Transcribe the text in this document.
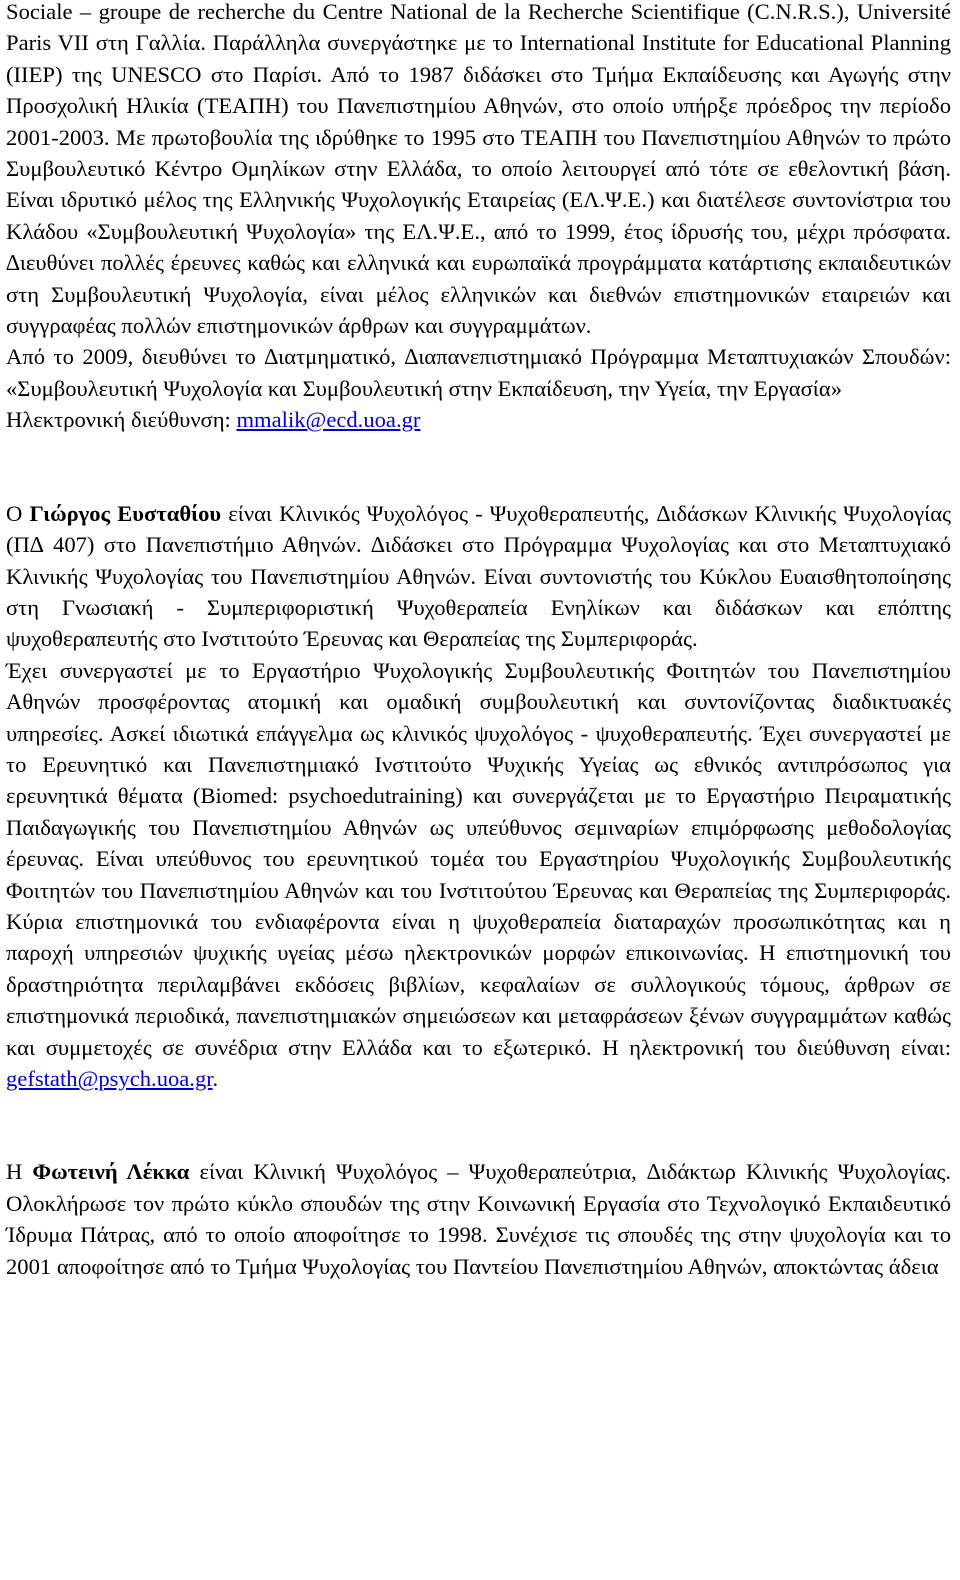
Sociale – groupe de recherche du Centre National de la Recherche Scientifique (C.N.R.S.), Université Paris VII στη Γαλλία. Παράλληλα συνεργάστηκε με το International Institute for Educational Planning (IIEP) της UNESCO στο Παρίσι. Από το 1987 διδάσκει στο Τμήμα Εκπαίδευσης και Αγωγής στην Προσχολική Ηλικία (ΤΕΑΠΗ) του Πανεπιστημίου Αθηνών, στο οποίο υπήρξε πρόεδρος την περίοδο 2001-2003. Με πρωτοβουλία της ιδρύθηκε το 1995 στο ΤΕΑΠΗ του Πανεπιστημίου Αθηνών το πρώτο Συμβουλευτικό Κέντρο Ομηλίκων στην Ελλάδα, το οποίο λειτουργεί από τότε σε εθελοντική βάση. Είναι ιδρυτικό μέλος της Ελληνικής Ψυχολογικής Εταιρείας (ΕΛ.Ψ.Ε.) και διατέλεσε συντονίστρια του Κλάδου «Συμβουλευτική Ψυχολογία» της ΕΛ.Ψ.Ε., από το 1999, έτος ίδρυσής του, μέχρι πρόσφατα. ∆ιευθύνει πολλές έρευνες καθώς και ελληνικά και ευρωπαϊκά προγράμματα κατάρτισης εκπαιδευτικών στη Συμβουλευτική Ψυχολογία, είναι μέλος ελληνικών και διεθνών επιστημονικών εταιρειών και συγγραφέας πολλών επιστημονικών άρθρων και συγγραμμάτων.

Από το 2009, διευθύνει το ∆ιατμηματικό, ∆ιαπανεπιστημιακό Πρόγραμμα Μεταπτυχιακών Σπουδών: «Συμβουλευτική Ψυχολογία και Συμβουλευτική στην Εκπαίδευση, την Υγεία, την Εργασία»

Ηλεκτρονική διεύθυνση: mmalik@ecd.uoa.gr

Ο Γιώργος Ευσταθίου είναι Κλινικός Ψυχολόγος - Ψυχοθεραπευτής, ∆ιδάσκων Κλινικής Ψυχολογίας (Π∆ 407) στο Πανεπιστήμιο Αθηνών. ∆ιδάσκει στο Πρόγραμμα Ψυχολογίας και στο Μεταπτυχιακό Κλινικής Ψυχολογίας του Πανεπιστημίου Αθηνών. Είναι συντονιστής του Κύκλου Ευαισθητοποίησης στη Γνωσιακή - Συμπεριφοριστική Ψυχοθεραπεία Ενηλίκων και διδάσκων και επόπτης ψυχοθεραπευτής στο Ινστιτούτο Έρευνας και Θεραπείας της Συμπεριφοράς.

Έχει συνεργαστεί με το Εργαστήριο Ψυχολογικής Συμβουλευτικής Φοιτητών του Πανεπιστημίου Αθηνών προσφέροντας ατομική και ομαδική συμβουλευτική και συντονίζοντας διαδικτυακές υπηρεσίες. Ασκεί ιδιωτικά επάγγελμα ως κλινικός ψυχολόγος - ψυχοθεραπευτής. Έχει συνεργαστεί με το Ερευνητικό και Πανεπιστημιακό Ινστιτούτο Ψυχικής Υγείας ως εθνικός αντιπρόσωπος για ερευνητικά θέματα (Biomed: psychoedutraining) και συνεργάζεται με το Εργαστήριο Πειραματικής Παιδαγωγικής του Πανεπιστημίου Αθηνών ως υπεύθυνος σεμιναρίων επιμόρφωσης μεθοδολογίας έρευνας. Είναι υπεύθυνος του ερευνητικού τομέα του Εργαστηρίου Ψυχολογικής Συμβουλευτικής Φοιτητών του Πανεπιστημίου Αθηνών και του Ινστιτούτου Έρευνας και Θεραπείας της Συμπεριφοράς. Κύρια επιστημονικά του ενδιαφέροντα είναι η ψυχοθεραπεία διαταραχών προσωπικότητας και η παροχή υπηρεσιών ψυχικής υγείας μέσω ηλεκτρονικών μορφών επικοινωνίας. Η επιστημονική του δραστηριότητα περιλαμβάνει εκδόσεις βιβλίων, κεφαλαίων σε συλλογικούς τόμους, άρθρων σε επιστημονικά περιοδικά, πανεπιστημιακών σημειώσεων και μεταφράσεων ξένων συγγραμμάτων καθώς και συμμετοχές σε συνέδρια στην Ελλάδα και το εξωτερικό. Η ηλεκτρονική του διεύθυνση είναι: gefstath@psych.uoa.gr.

Η Φωτεινή Λέκκα είναι Κλινική Ψυχολόγος – Ψυχοθεραπεύτρια, ∆ιδάκτωρ Κλινικής Ψυχολογίας. Ολοκλήρωσε τον πρώτο κύκλο σπουδών της στην Κοινωνική Εργασία στο Τεχνολογικό Εκπαιδευτικό Ίδρυμα Πάτρας, από το οποίο αποφοίτησε το 1998. Συνέχισε τις σπουδές της στην ψυχολογία και το 2001 αποφοίτησε από το Τμήμα Ψυχολογίας του Παντείου Πανεπιστημίου Αθηνών, αποκτώντας άδεια
